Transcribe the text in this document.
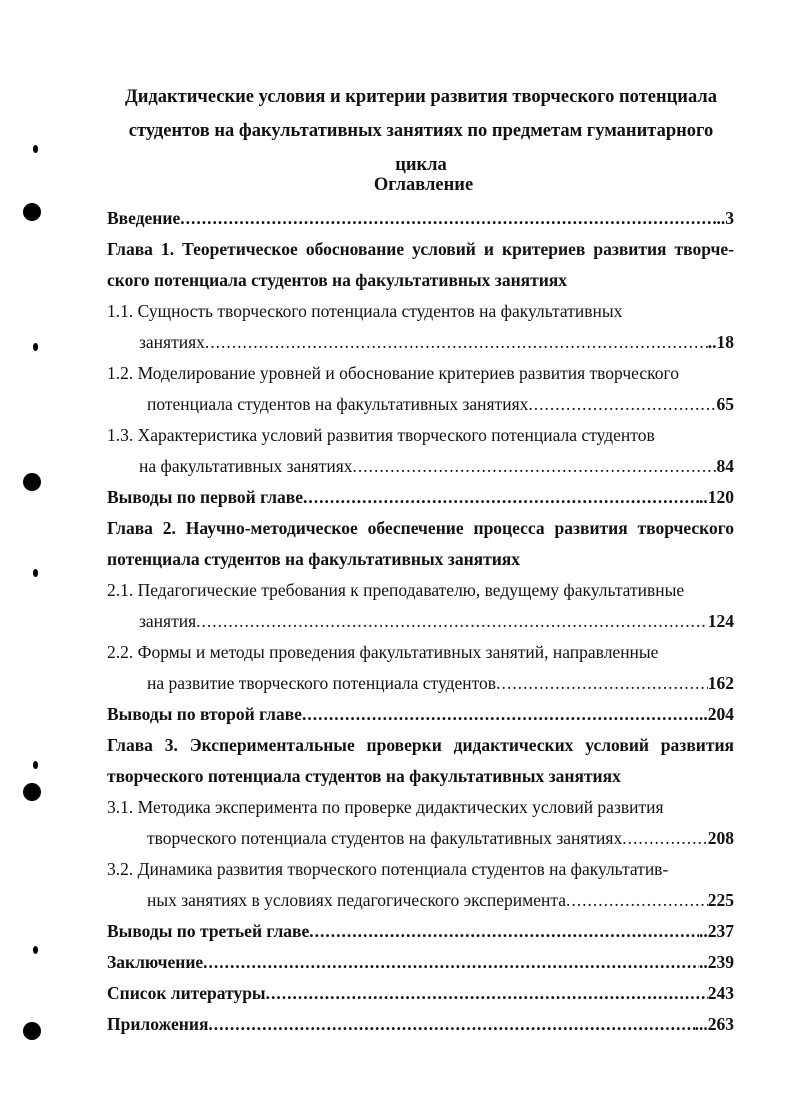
Дидактические условия и критерии развития творческого потенциала студентов на факультативных занятиях по предметам гуманитарного цикла
Оглавление
Введение .....	..3
Глава 1. Теоретическое обоснование условий и критериев развития творче-
ского потенциала студентов на факультативных занятиях
1.1. Сущность творческого потенциала студентов на факультативных
занятиях .....	..18
1.2. Моделирование уровней и обоснование критериев развития творческого
потенциала студентов на факультативных занятиях .....	65
1.3. Характеристика условий развития творческого потенциала студентов
на факультативных занятиях .....	84
Выводы по первой главе .....	..120
Глава 2. Научно-методическое обеспечение процесса развития творческого
потенциала студентов на факультативных занятиях
2.1. Педагогические требования к преподавателю, ведущему факультативные
занятия .....	124
2.2. Формы и методы проведения факультативных занятий, направленные
на развитие творческого потенциала студентов .....	162
Выводы по второй главе .....	..204
Глава 3. Экспериментальные проверки дидактических условий развития
творческого потенциала студентов на факультативных занятиях
3.1. Методика эксперимента по проверке дидактических условий развития
творческого потенциала студентов на факультативных занятиях .....	208
3.2. Динамика развития творческого потенциала студентов на факультатив-
ных занятиях в условиях педагогического эксперимента .....	225
Выводы по третьей главе .....	..237
Заключение .....	..239
Список литературы .....	243
Приложения .....	...263
